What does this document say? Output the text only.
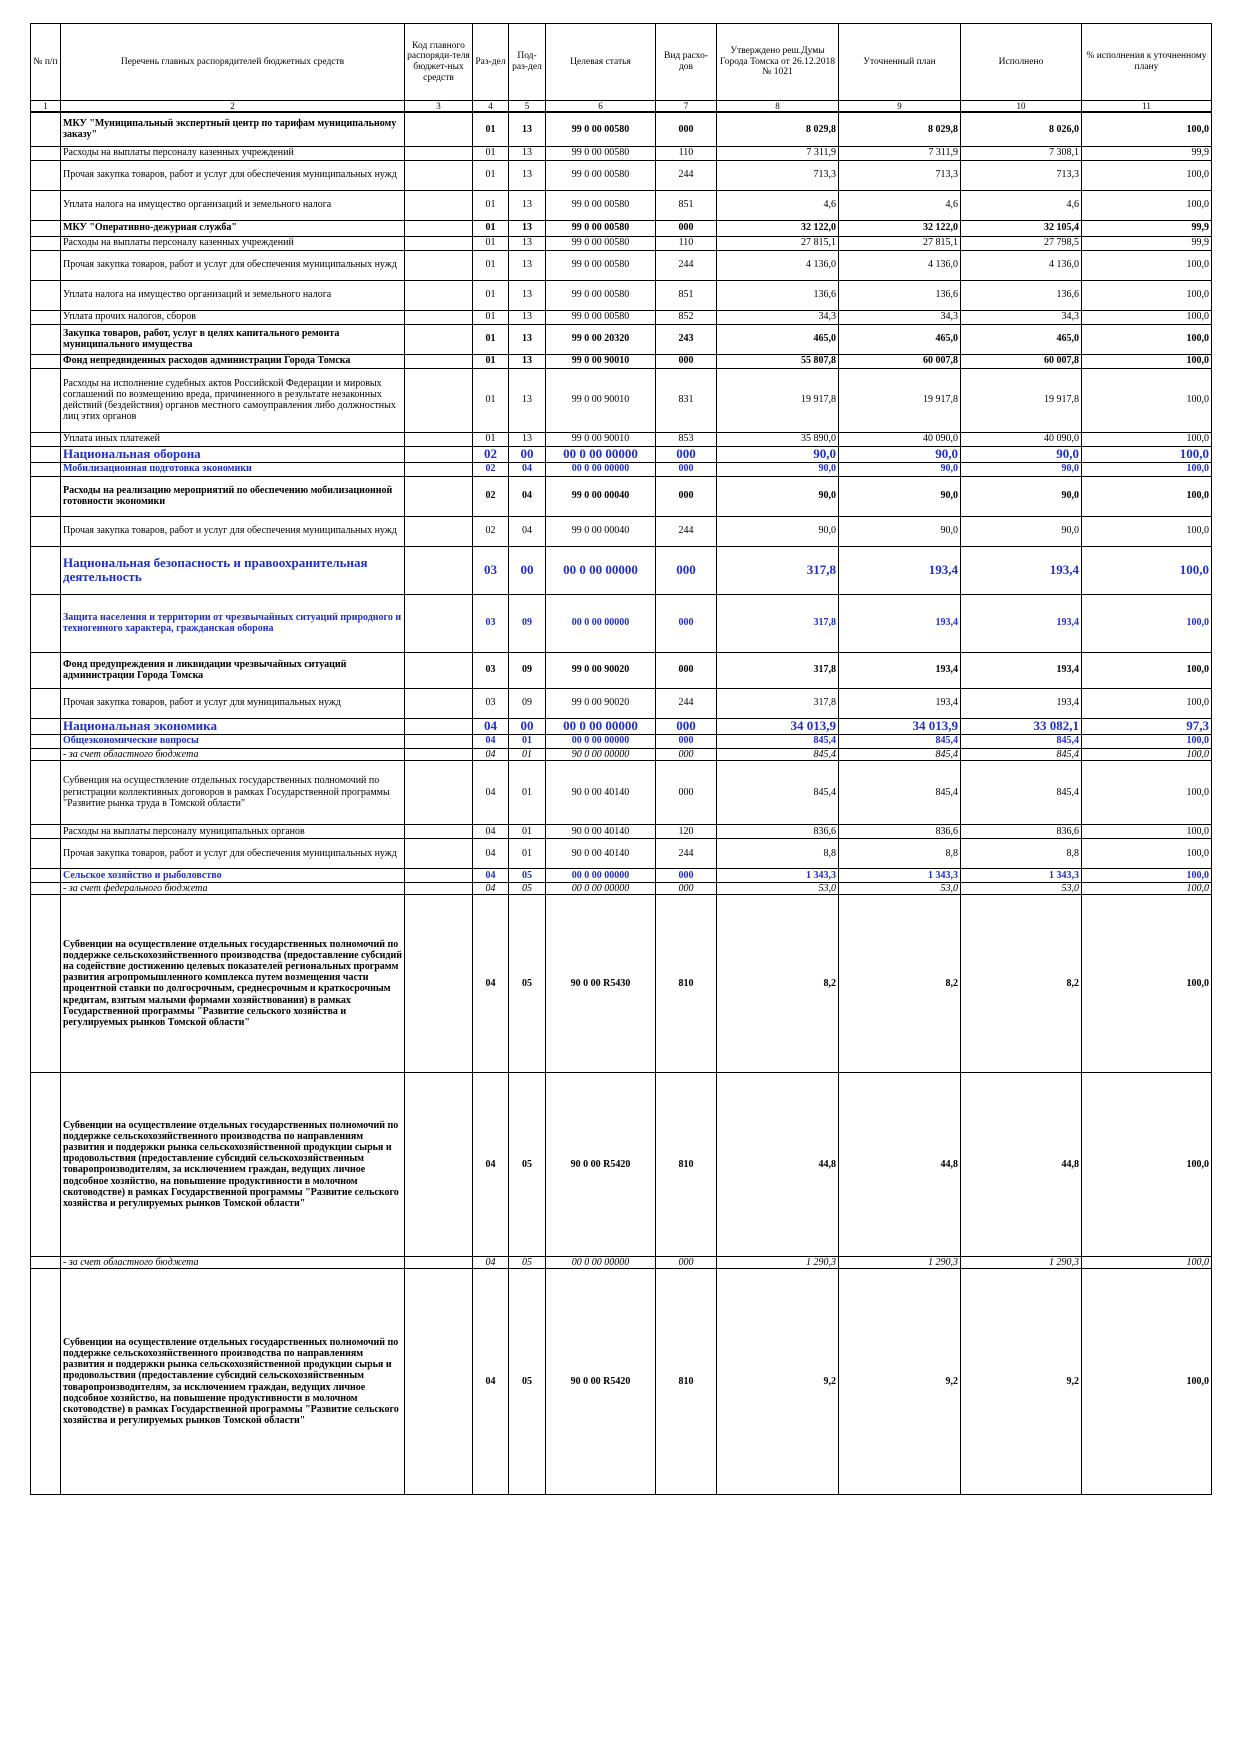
№ п/п	Перечень главных распорядителей бюджетных средств	Код главного распоряди-теля бюджет-ных средств	Раз-дел	Под-раз-дел	Целевая статья	Вид расхо-дов	Утверждено реш.Думы Города Томска от 26.12.2018 № 1021	Уточненный план	Исполнено	% исполнения к уточненному плану
1	2	3	4	5	6	7	8	9	10	11
	МКУ "Муниципальный экспертный центр по тарифам муниципальному заказу"		01	13	99 0 00 00580	000	8 029,8	8 029,8	8 026,0	100,0
	Расходы на выплаты персоналу казенных учреждений		01	13	99 0 00 00580	110	7 311,9	7 311,9	7 308,1	99,9
	Прочая закупка товаров, работ и услуг для обеспечения муниципальных нужд		01	13	99 0 00 00580	244	713,3	713,3	713,3	100,0
	Уплата налога на имущество организаций и земельного налога		01	13	99 0 00 00580	851	4,6	4,6	4,6	100,0
	МКУ "Оперативно-дежурная служба"		01	13	99 0 00 00580	000	32 122,0	32 122,0	32 105,4	99,9
	Расходы на выплаты персоналу казенных учреждений		01	13	99 0 00 00580	110	27 815,1	27 815,1	27 798,5	99,9
	Прочая закупка товаров, работ и услуг для обеспечения муниципальных нужд		01	13	99 0 00 00580	244	4 136,0	4 136,0	4 136,0	100,0
	Уплата налога на имущество организаций и земельного налога		01	13	99 0 00 00580	851	136,6	136,6	136,6	100,0
	Уплата прочих налогов, сборов		01	13	99 0 00 00580	852	34,3	34,3	34,3	100,0
	Закупка товаров, работ, услуг в целях капитального ремонта муниципального имущества		01	13	99 0 00 20320	243	465,0	465,0	465,0	100,0
	Фонд непредвиденных расходов администрации Города Томска		01	13	99 0 00 90010	000	55 807,8	60 007,8	60 007,8	100,0
	Расходы на исполнение судебных актов Российской Федерации и мировых соглашений по возмещению вреда, причиненного в результате незаконных действий (бездействия) органов местного самоуправления либо должностных лиц этих органов		01	13	99 0 00 90010	831	19 917,8	19 917,8	19 917,8	100,0
	Уплата иных платежей		01	13	99 0 00 90010	853	35 890,0	40 090,0	40 090,0	100,0
	Национальная оборона		02	00	00 0 00 00000	000	90,0	90,0	90,0	100,0
	Мобилизационная подготовка экономики		02	04	00 0 00 00000	000	90,0	90,0	90,0	100,0
	Расходы на реализацию мероприятий по обеспечению мобилизационной готовности экономики		02	04	99 0 00 00040	000	90,0	90,0	90,0	100,0
	Прочая закупка товаров, работ и услуг для обеспечения муниципальных нужд		02	04	99 0 00 00040	244	90,0	90,0	90,0	100,0
	Национальная безопасность и правоохранительная деятельность		03	00	00 0 00 00000	000	317,8	193,4	193,4	100,0
	Защита населения и территории от чрезвычайных ситуаций природного и техногенного характера, гражданская оборона		03	09	00 0 00 00000	000	317,8	193,4	193,4	100,0
	Фонд предупреждения и ликвидации чрезвычайных ситуаций администрации Города Томска		03	09	99 0 00 90020	000	317,8	193,4	193,4	100,0
	Прочая закупка товаров, работ и услуг для муниципальных нужд		03	09	99 0 00 90020	244	317,8	193,4	193,4	100,0
	Национальная экономика		04	00	00 0 00 00000	000	34 013,9	34 013,9	33 082,1	97,3
	Общеэкономические вопросы		04	01	00 0 00 00000	000	845,4	845,4	845,4	100,0
	- за счет областного бюджета		04	01	90 0 00 00000	000	845,4	845,4	845,4	100,0
	Субвенция на осуществление отдельных государственных полномочий по регистрации коллективных договоров в рамках Государственной программы "Развитие рынка труда в Томской области"		04	01	90 0 00 40140	000	845,4	845,4	845,4	100,0
	Расходы на выплаты персоналу муниципальных органов		04	01	90 0 00 40140	120	836,6	836,6	836,6	100,0
	Прочая закупка товаров, работ и услуг для обеспечения муниципальных нужд		04	01	90 0 00 40140	244	8,8	8,8	8,8	100,0
	Сельское хозяйство и рыболовство		04	05	00 0 00 00000	000	1 343,3	1 343,3	1 343,3	100,0
	- за счет федерального бюджета		04	05	00 0 00 00000	000	53,0	53,0	53,0	100,0
	Субвенции на осуществление отдельных государственных полномочий по поддержке сельскохозяйственного производства (предоставление субсидий на содействие достижению целевых показателей региональных программ развития агропромышленного комплекса путем возмещения части процентной ставки по долгосрочным, среднесрочным и краткосрочным кредитам, взятым малыми формами хозяйствования) в рамках Государственной программы "Развитие сельского хозяйства и регулируемых рынков Томской области"		04	05	90 0 00 R5430	810	8,2	8,2	8,2	100,0
	Субвенции на осуществление отдельных государственных полномочий по поддержке сельскохозяйственного производства по направлениям развития и поддержки рынка сельскохозяйственной продукции сырья и продовольствия (предоставление субсидий сельскохозяйственным товаропроизводителям, за исключением граждан, ведущих личное подсобное хозяйство, на повышение продуктивности в молочном скотоводстве) в рамках Государственной программы "Развитие сельского хозяйства и регулируемых рынков Томской области"		04	05	90 0 00 R5420	810	44,8	44,8	44,8	100,0
	- за счет областного бюджета		04	05	00 0 00 00000	000	1 290,3	1 290,3	1 290,3	100,0
	Субвенции на осуществление отдельных государственных полномочий по поддержке сельскохозяйственного производства по направлениям развития и поддержки рынка сельскохозяйственной продукции сырья и продовольствия (предоставление субсидий сельскохозяйственным товаропроизводителям, за исключением граждан, ведущих личное подсобное хозяйство, на повышение продуктивности в молочном скотоводстве) в рамках Государственной программы "Развитие сельского хозяйства и регулируемых рынков Томской области"		04	05	90 0 00 R5420	810	9,2	9,2	9,2	100,0
